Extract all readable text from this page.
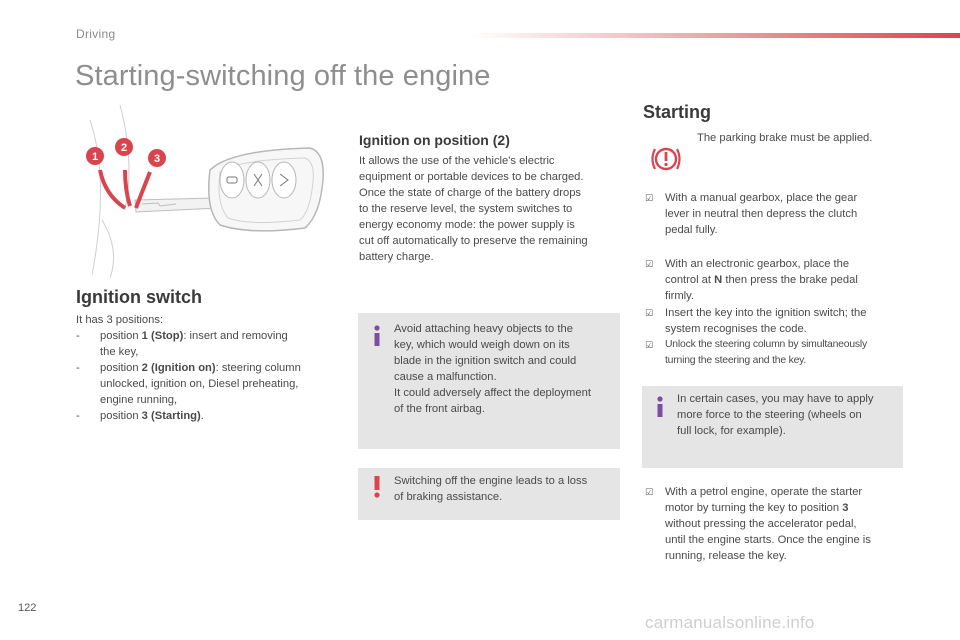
Driving
Starting-switching off the engine
1
2
3
Ignition switch
It has 3 positions:
- position 1 (Stop): insert and removing
the key,
- position 2 (Ignition on): steering column
unlocked, ignition on, Diesel preheating,
engine running,
- position 3 (Starting).
Ignition on position (2)
It allows the use of the vehicle's electric
equipment or portable devices to be charged.
Once the state of charge of the battery drops
to the reserve level, the system switches to
energy economy mode: the power supply is
cut off automatically to preserve the remaining
battery charge.
Avoid attaching heavy objects to the
key, which would weigh down on its
blade in the ignition switch and could
cause a malfunction.
It could adversely affect the deployment
of the front airbag.
Switching off the engine leads to a loss
of braking assistance.
Starting
The parking brake must be applied.
☑ With a manual gearbox, place the gear
lever in neutral then depress the clutch
pedal fully.
☑ With an electronic gearbox, place the
control at N then press the brake pedal
firmly.
☑ Insert the key into the ignition switch; the
system recognises the code.
☑ Unlock the steering column by simultaneously
turning the steering and the key.
In certain cases, you may have to apply
more force to the steering (wheels on
full lock, for example).
☑ With a petrol engine, operate the starter
motor by turning the key to position 3
without pressing the accelerator pedal,
until the engine starts. Once the engine is
running, release the key.
122
carmanualsonline.info
